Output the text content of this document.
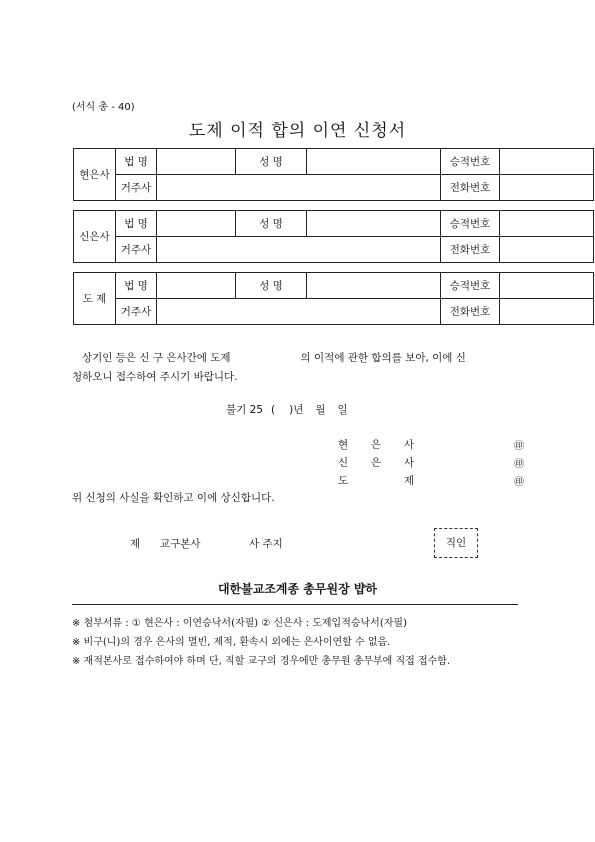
(서식 총 - 40)
도제 이적 합의 이연 신청서
현은사	법 명		성 명		승적번호	
	거주사				전화번호	
신은사	법 명		성 명		승적번호	
	거주사				전화번호	
도 제	법 명		성 명		승적번호	
	거주사				전화번호	
상기인 등은 신 구 은사간에 도제	의 이적에 관한 합의를 보아, 이에 신
청하오니 접수하여 주시기 바랍니다.
불기 25 ( )년 월 일
현 은 사	㊞
신 은 사	㊞
도 제	㊞
위 신청의 사실을 확인하고 이에 상신합니다.
제 교구본사	사 주지	직인
대한불교조계종 총무원장 뱝하
※ 첨부서류 : ① 현은사 : 이연승낙서(자필) ② 신은사 : 도제입적승낙서(자필)
※ 비구(니)의 경우 은사의 멸빈, 제적, 환속시 외에는 은사이연할 수 없음.
※ 재적본사로 접수하여야 하며 단, 직할 교구의 경우에만 총무원 총무부에 직접 접수함.
